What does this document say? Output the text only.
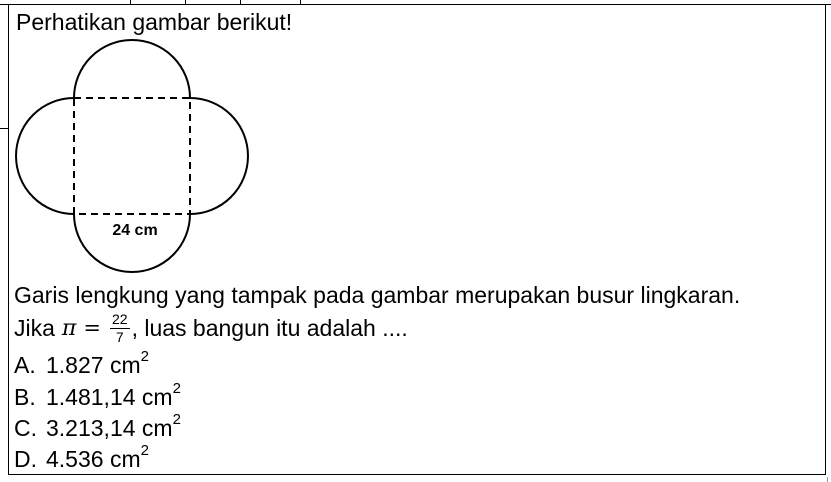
Perhatikan gambar berikut!
24 cm
Garis lengkung yang tampak pada gambar merupakan busur lingkaran.
Jika $\pi = \frac{22}{7}$ , luas bangun itu adalah ....
A. 1.827 $cm^2$
B. 1.481,14 $cm^2$
C. 3.213,14 $cm^2$
D. 4.536 $cm^2$
